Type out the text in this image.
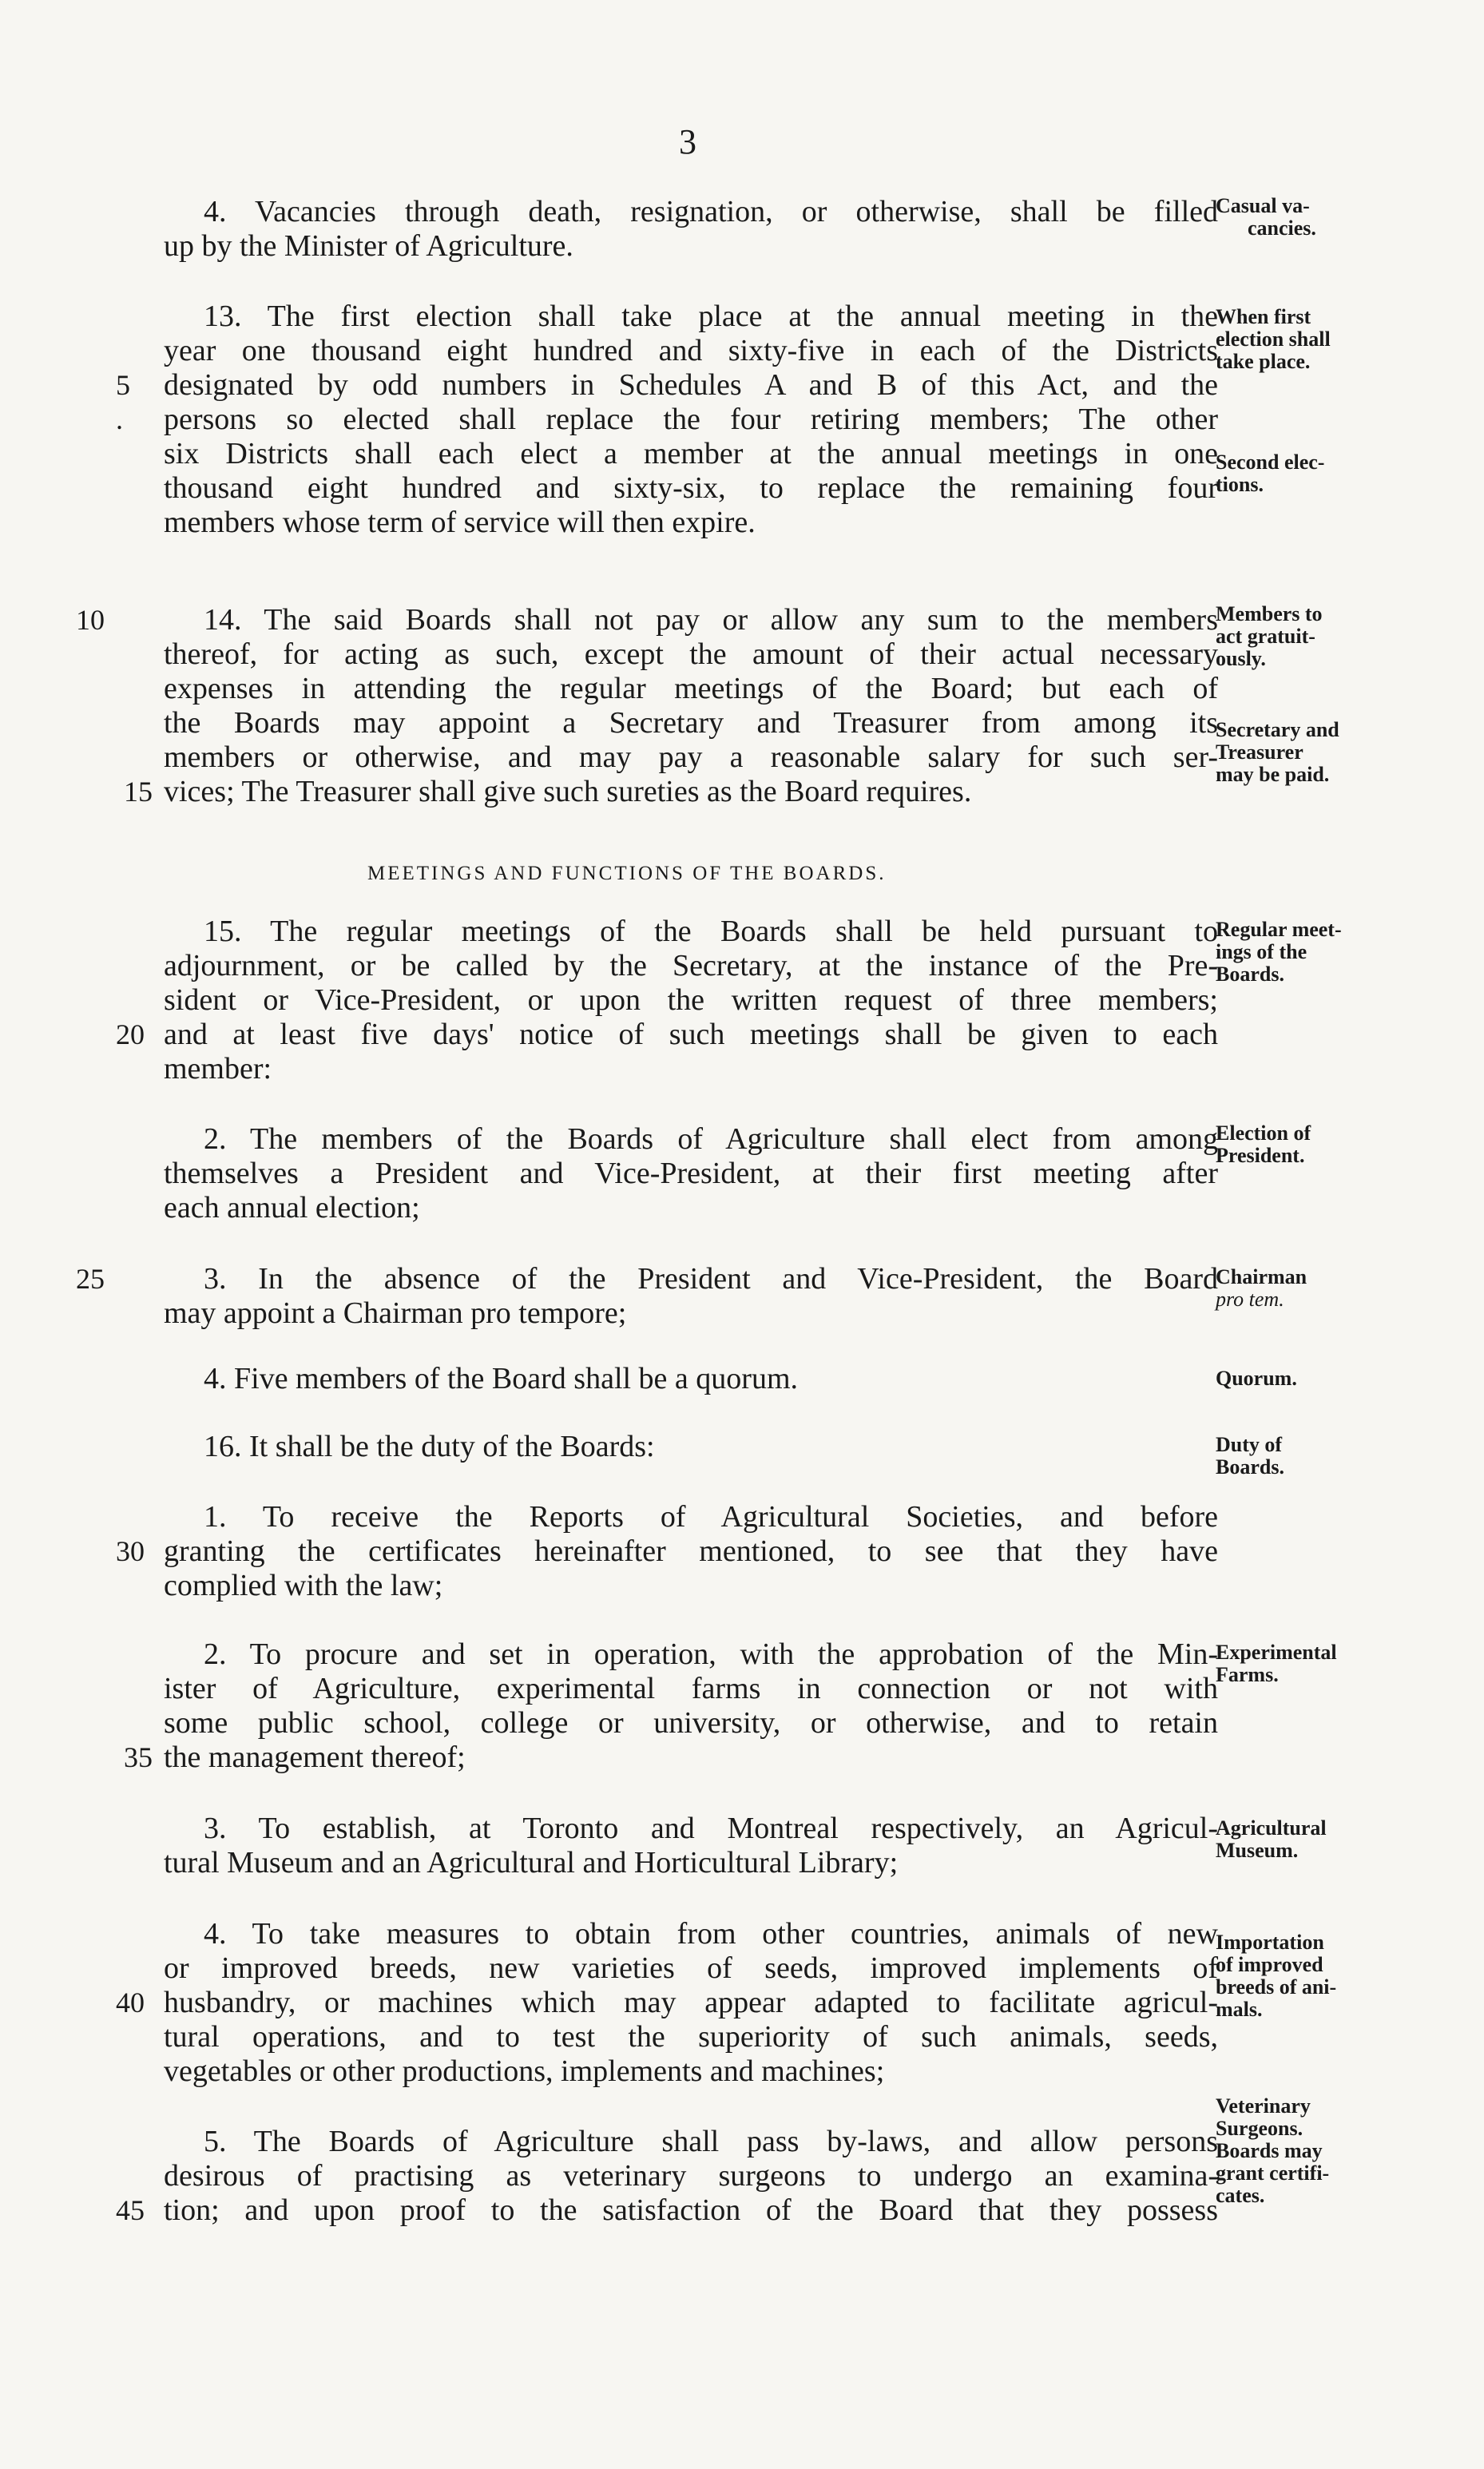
3
4. Vacancies through death, resignation, or otherwise, shall be filled
up by the Minister of Agriculture.
13. The first election shall take place at the annual meeting in the
year one thousand eight hundred and sixty-five in each of the Districts
5	designated by odd numbers in Schedules A and B of this Act, and the
.	persons so elected shall replace the four retiring members; The other
six Districts shall each elect a member at the annual meetings in one
thousand eight hundred and sixty-six, to replace the remaining four
members whose term of service will then expire.
10	14. The said Boards shall not pay or allow any sum to the members
thereof, for acting as such, except the amount of their actual necessary
expenses in attending the regular meetings of the Board; but each of
the Boards may appoint a Secretary and Treasurer from among its
members or otherwise, and may pay a reasonable salary for such ser-
15 vices; The Treasurer shall give such sureties as the Board requires.
MEETINGS AND FUNCTIONS OF THE BOARDS.
15. The regular meetings of the Boards shall be held pursuant to
adjournment, or be called by the Secretary, at the instance of the Pre-
sident or Vice-President, or upon the written request of three members;
20 and at least five days' notice of such meetings shall be given to each
member:
2. The members of the Boards of Agriculture shall elect from among
themselves a President and Vice-President, at their first meeting after
each annual election;
25	3. In the absence of the President and Vice-President, the Board
may appoint a Chairman pro tempore;
4. Five members of the Board shall be a quorum.
16. It shall be the duty of the Boards:
1. To receive the Reports of Agricultural Societies, and before
30 granting the certificates hereinafter mentioned, to see that they have
complied with the law;
2. To procure and set in operation, with the approbation of the Min-
ister of Agriculture, experimental farms in connection or not with
some public school, college or university, or otherwise, and to retain
35 the management thereof;
3. To establish, at Toronto and Montreal respectively, an Agricul-
tural Museum and an Agricultural and Horticultural Library;
4. To take measures to obtain from other countries, animals of new
or improved breeds, new varieties of seeds, improved implements of
40 husbandry, or machines which may appear adapted to facilitate agricul-
tural operations, and to test the superiority of such animals, seeds,
vegetables or other productions, implements and machines;
5. The Boards of Agriculture shall pass by-laws, and allow persons
desirous of practising as veterinary surgeons to undergo an examina-
45 tion; and upon proof to the satisfaction of the Board that they possess
Casual va-
cancies.
When first
election shall
take place.
Second elec-
tions.
Members to
act gratuit-
ously.
Secretary and
Treasurer
may be paid.
Regular meet-
ings of the
Boards.
Election of
President.
Chairman
pro tem.
Quorum.
Duty of
Boards.
Experimental
Farms.
Agricultural
Museum.
Importation
of improved
breeds of ani-
mals.
Veterinary
Surgeons.
Boards may
grant certifi-
cates.
